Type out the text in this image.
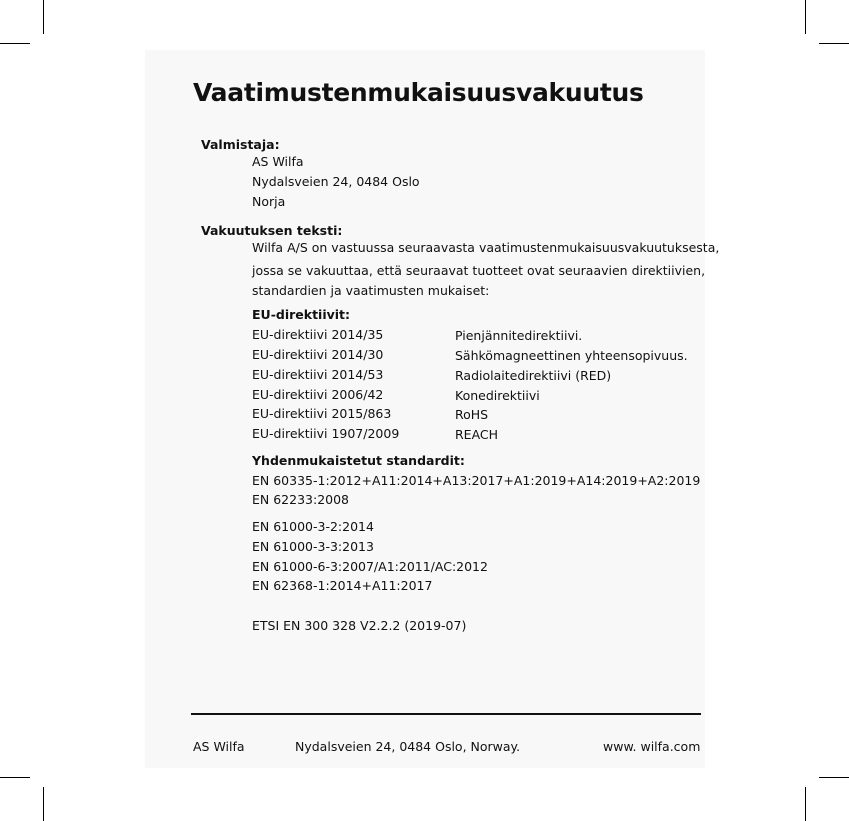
Vaatimustenmukaisuusvakuutus
Valmistaja:
AS Wilfa
Nydalsveien 24, 0484 Oslo
Norja
Vakuutuksen teksti:
Wilfa A/S on vastuussa seuraavasta vaatimustenmukaisuusvakuutuksesta,
jossa se vakuuttaa, että seuraavat tuotteet ovat seuraavien direktiivien,
standardien ja vaatimusten mukaiset:
EU-direktiivit:
EU-direktiivi 2014/35	Pienjännitedirektiivi.
EU-direktiivi 2014/30	Sähkömagneettinen yhteensopivuus.
EU-direktiivi 2014/53	Radiolaitedirektiivi (RED)
EU-direktiivi 2006/42	Konedirektiivi
EU-direktiivi 2015/863	RoHS
EU-direktiivi 1907/2009	REACH
Yhdenmukaistetut standardit:
EN 60335-1:2012+A11:2014+A13:2017+A1:2019+A14:2019+A2:2019
EN 62233:2008
EN 61000-3-2:2014
EN 61000-3-3:2013
EN 61000-6-3:2007/A1:2011/AC:2012
EN 62368-1:2014+A11:2017
ETSI EN 300 328 V2.2.2 (2019-07)
AS Wilfa	Nydalsveien 24, 0484 Oslo, Norway.	www. wilfa.com
